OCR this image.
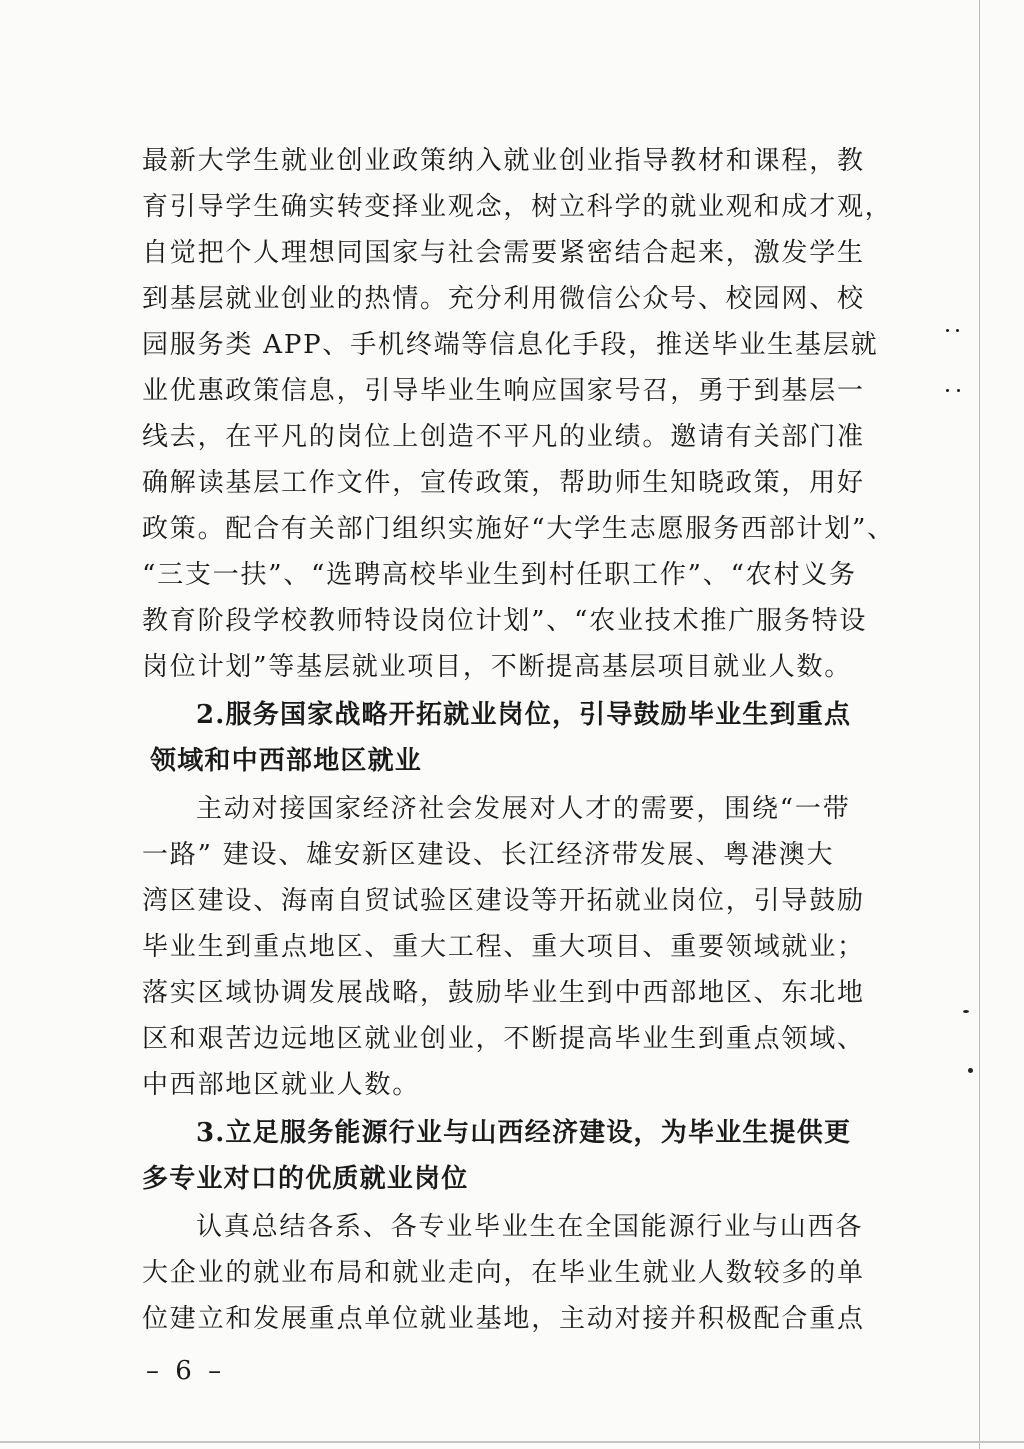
最新大学生就业创业政策纳入就业创业指导教材和课程，教
育引导学生确实转变择业观念，树立科学的就业观和成才观，
自觉把个人理想同国家与社会需要紧密结合起来，激发学生
到基层就业创业的热情。充分利用微信公众号、校园网、校
园服务类 APP、手机终端等信息化手段，推送毕业生基层就
业优惠政策信息，引导毕业生响应国家号召，勇于到基层一
线去，在平凡的岗位上创造不平凡的业绩。邀请有关部门准
确解读基层工作文件，宣传政策，帮助师生知晓政策，用好
政策。配合有关部门组织实施好“大学生志愿服务西部计划”、
“三支一扶”、“选聘高校毕业生到村任职工作”、“农村义务
教育阶段学校教师特设岗位计划”、“农业技术推广服务特设
岗位计划”等基层就业项目，不断提高基层项目就业人数。
2.服务国家战略开拓就业岗位，引导鼓励毕业生到重点
领域和中西部地区就业
主动对接国家经济社会发展对人才的需要，围绕“一带
一路” 建设、雄安新区建设、长江经济带发展、粤港澳大
湾区建设、海南自贸试验区建设等开拓就业岗位，引导鼓励
毕业生到重点地区、重大工程、重大项目、重要领域就业；
落实区域协调发展战略，鼓励毕业生到中西部地区、东北地
区和艰苦边远地区就业创业，不断提高毕业生到重点领域、
中西部地区就业人数。
3.立足服务能源行业与山西经济建设，为毕业生提供更
多专业对口的优质就业岗位
认真总结各系、各专业毕业生在全国能源行业与山西各
大企业的就业布局和就业走向，在毕业生就业人数较多的单
位建立和发展重点单位就业基地，主动对接并积极配合重点
– 6 –
